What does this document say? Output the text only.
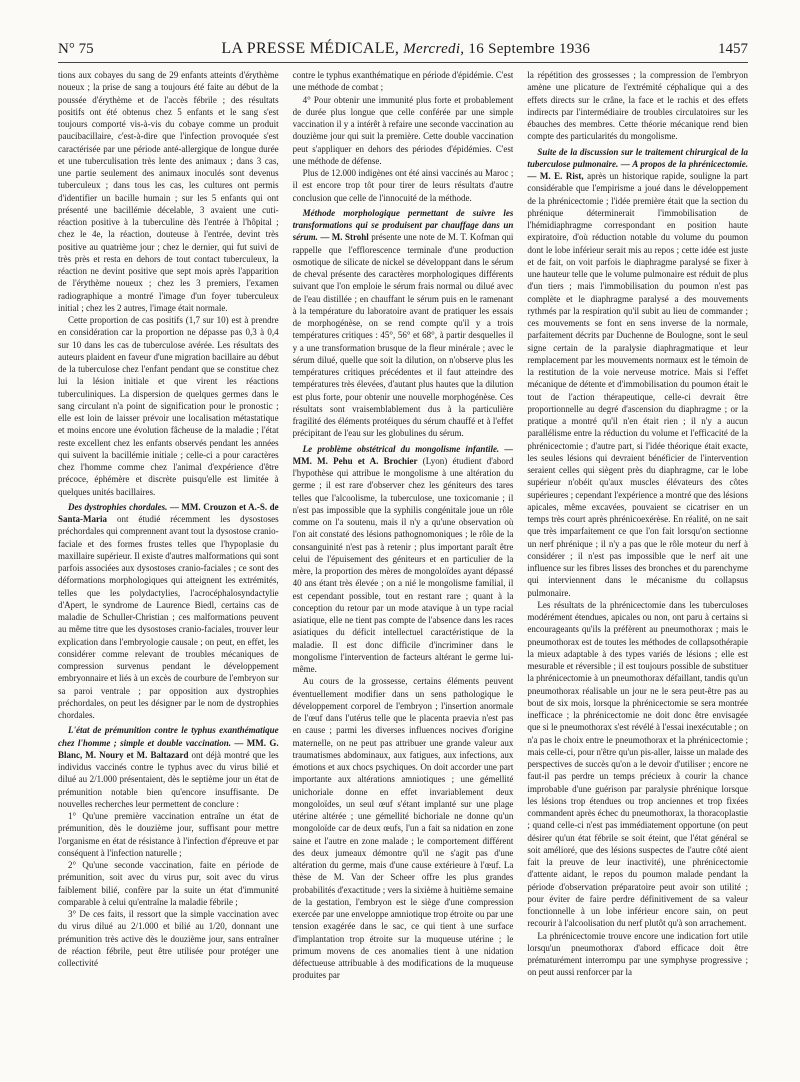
N° 75	LA PRESSE MÉDICALE, Mercredi, 16 Septembre 1936	1457

tions aux cobayes du sang de 29 enfants atteints d'érythème noueux ; la prise de sang a toujours été faite au début de la poussée d'érythème et de l'accès fébrile ; des résultats positifs ont été obtenus chez 5 enfants et le sang s'est toujours comporté vis-à-vis du cobaye comme un produit paucibacillaire, c'est-à-dire que l'infection provoquée s'est caractérisée par une période anté-allergique de longue durée et une tuberculisation très lente des animaux ; dans 3 cas, une partie seulement des animaux inoculés sont devenus tuberculeux ; dans tous les cas, les cultures ont permis d'identifier un bacille humain ; sur les 5 enfants qui ont présenté une bacillémie décelable, 3 avaient une cuti-réaction positive à la tuberculine dès l'entrée à l'hôpital ; chez le 4e, la réaction, douteuse à l'entrée, devint très positive au quatrième jour ; chez le dernier, qui fut suivi de très près et resta en dehors de tout contact tuberculeux, la réaction ne devint positive que sept mois après l'apparition de l'érythème noueux ; chez les 3 premiers, l'examen radiographique a montré l'image d'un foyer tuberculeux initial ; chez les 2 autres, l'image était normale.

Cette proportion de cas positifs (1,7 sur 10) est à prendre en considération car la proportion ne dépasse pas 0,3 à 0,4 sur 10 dans les cas de tuberculose avérée. Les résultats des auteurs plaident en faveur d'une migration bacillaire au début de la tuberculose chez l'enfant pendant que se constitue chez lui la lésion initiale et que virent les réactions tuberculiniques. La dispersion de quelques germes dans le sang circulant n'a point de signification pour le pronostic ; elle est loin de laisser prévoir une localisation métastatique et moins encore une évolution fâcheuse de la maladie ; l'état reste excellent chez les enfants observés pendant les années qui suivent la bacillémie initiale ; celle-ci a pour caractères chez l'homme comme chez l'animal d'expérience d'être précoce, éphémère et discrète puisqu'elle est limitée à quelques unités bacillaires.

Des dystrophies chordales. — MM. Crouzon et A.-S. de Santa-Maria ont étudié récemment les dysostoses préchordales qui comprennent avant tout la dysostose cranio-faciale et des formes frustes telles que l'hypoplasie du maxillaire supérieur. Il existe d'autres malformations qui sont parfois associées aux dysostoses cranio-faciales ; ce sont des déformations morphologiques qui atteignent les extrémités, telles que les polydactylies, l'acrocéphalosyndactylie d'Apert, le syndrome de Laurence Biedl, certains cas de maladie de Schuller-Christian ; ces malformations peuvent au même titre que les dysostoses cranio-faciales, trouver leur explication dans l'embryologie causale ; on peut, en effet, les considérer comme relevant de troubles mécaniques de compression survenus pendant le développement embryonnaire et liés à un excès de courbure de l'embryon sur sa paroi ventrale ; par opposition aux dystrophies préchordales, on peut les désigner par le nom de dystrophies chordales.

L'état de prémunition contre le typhus exanthématique chez l'homme ; simple et double vaccination. — MM. G. Blanc, M. Noury et M. Baltazard ont déjà montré que les individus vaccinés contre le typhus avec du virus bilié et dilué au 2/1.000 présentaient, dès le septième jour un état de prémunition notable bien qu'encore insuffisante. De nouvelles recherches leur permettent de conclure :

1° Qu'une première vaccination entraîne un état de prémunition, dès le douzième jour, suffisant pour mettre l'organisme en état de résistance à l'infection d'épreuve et par conséquent à l'infection naturelle ;

2° Qu'une seconde vaccination, faite en période de prémunition, soit avec du virus pur, soit avec du virus faiblement bilié, confère par la suite un état d'immunité comparable à celui qu'entraîne la maladie fébrile ;

3° De ces faits, il ressort que la simple vaccination avec du virus dilué au 2/1.000 et bilié au 1/20, donnant une prémunition très active dès le douzième jour, sans entraîner de réaction fébrile, peut être utilisée pour protéger une collectivité

contre le typhus exanthématique en période d'épidémie. C'est une méthode de combat ;

4° Pour obtenir une immunité plus forte et probablement de durée plus longue que celle conférée par une simple vaccination il y a intérêt à refaire une seconde vaccination au douzième jour qui suit la première. Cette double vaccination peut s'appliquer en dehors des périodes d'épidémies. C'est une méthode de défense.

Plus de 12.000 indigènes ont été ainsi vaccinés au Maroc ; il est encore trop tôt pour tirer de leurs résultats d'autre conclusion que celle de l'innocuité de la méthode.

Méthode morphologique permettant de suivre les transformations qui se produisent par chauffage dans un sérum. — M. Strohl présente une note de M. T. Kofman qui rappelle que l'efflorescence terminale d'une production osmotique de silicate de nickel se développant dans le sérum de cheval présente des caractères morphologiques différents suivant que l'on emploie le sérum frais normal ou dilué avec de l'eau distillée ; en chauffant le sérum puis en le ramenant à la température du laboratoire avant de pratiquer les essais de morphogénèse, on se rend compte qu'il y a trois températures critiques : 45°, 56° et 68°, à partir desquelles il y a une transformation brusque de la fleur minérale ; avec le sérum dilué, quelle que soit la dilution, on n'observe plus les températures critiques précédentes et il faut atteindre des températures très élevées, d'autant plus hautes que la dilution est plus forte, pour obtenir une nouvelle morphogénèse. Ces résultats sont vraisemblablement dus à la particulière fragilité des éléments protéiques du sérum chauffé et à l'effet précipitant de l'eau sur les globulines du sérum.

Le problème obstétrical du mongolisme infantile. — MM. M. Pehu et A. Brochier (Lyon) étudient d'abord l'hypothèse qui attribue le mongolisme à une altération du germe ; il est rare d'observer chez les géniteurs des tares telles que l'alcoolisme, la tuberculose, une toxicomanie ; il n'est pas impossible que la syphilis congénitale joue un rôle comme on l'a soutenu, mais il n'y a qu'une observation où l'on ait constaté des lésions pathognomoniques ; le rôle de la consanguinité n'est pas à retenir ; plus important paraît être celui de l'épuisement des géniteurs et en particulier de la mère, la proportion des mères de mongoloïdes ayant dépassé 40 ans étant très élevée ; on a nié le mongolisme familial, il est cependant possible, tout en restant rare ; quant à la conception du retour par un mode atavique à un type racial asiatique, elle ne tient pas compte de l'absence dans les races asiatiques du déficit intellectuel caractéristique de la maladie. Il est donc difficile d'incriminer dans le mongolisme l'intervention de facteurs altérant le germe lui-même.

Au cours de la grossesse, certains éléments peuvent éventuellement modifier dans un sens pathologique le développement corporel de l'embryon ; l'insertion anormale de l'œuf dans l'utérus telle que le placenta praevia n'est pas en cause ; parmi les diverses influences nocives d'origine maternelle, on ne peut pas attribuer une grande valeur aux traumatismes abdominaux, aux fatigues, aux infections, aux émotions et aux chocs psychiques. On doit accorder une part importante aux altérations amniotiques ; une gémellité unichoriale donne en effet invariablement deux mongoloïdes, un seul œuf s'étant implanté sur une plage utérine altérée ; une gémellité bichoriale ne donne qu'un mongoloïde car de deux œufs, l'un a fait sa nidation en zone saine et l'autre en zone malade ; le comportement différent des deux jumeaux démontre qu'il ne s'agit pas d'une altération du germe, mais d'une cause extérieure à l'œuf. La thèse de M. Van der Scheer offre les plus grandes probabilités d'exactitude ; vers la sixième à huitième semaine de la gestation, l'embryon est le siège d'une compression exercée par une enveloppe amniotique trop étroite ou par une tension exagérée dans le sac, ce qui tient à une surface d'implantation trop étroite sur la muqueuse utérine ; le primum movens de ces anomalies tient à une nidation défectueuse attribuable à des modifications de la muqueuse produites par

la répétition des grossesses ; la compression de l'embryon amène une plicature de l'extrémité céphalique qui a des effets directs sur le crâne, la face et le rachis et des effets indirects par l'intermédiaire de troubles circulatoires sur les ébauches des membres. Cette théorie mécanique rend bien compte des particularités du mongolisme.

Suite de la discussion sur le traitement chirurgical de la tuberculose pulmonaire. — A propos de la phrénicectomie. — M. E. Rist, après un historique rapide, souligne la part considérable que l'empirisme a joué dans le développement de la phrénicectomie ; l'idée première était que la section du phrénique déterminerait l'immobilisation de l'hémidiaphragme correspondant en position haute expiratoire, d'où réduction notable du volume du poumon dont le lobe inférieur serait mis au repos ; cette idée est juste et de fait, on voit parfois le diaphragme paralysé se fixer à une hauteur telle que le volume pulmonaire est réduit de plus d'un tiers ; mais l'immobilisation du poumon n'est pas complète et le diaphragme paralysé a des mouvements rythmés par la respiration qu'il subit au lieu de commander ; ces mouvements se font en sens inverse de la normale, parfaitement décrits par Duchenne de Boulogne, sont le seul signe certain de la paralysie diaphragmatique et leur remplacement par les mouvements normaux est le témoin de la restitution de la voie nerveuse motrice. Mais si l'effet mécanique de détente et d'immobilisation du poumon était le tout de l'action thérapeutique, celle-ci devrait être proportionnelle au degré d'ascension du diaphragme ; or la pratique a montré qu'il n'en était rien ; il n'y a aucun parallélisme entre la réduction du volume et l'efficacité de la phrénicectomie ; d'autre part, si l'idée théorique était exacte, les seules lésions qui devraient bénéficier de l'intervention seraient celles qui siègent près du diaphragme, car le lobe supérieur n'obéit qu'aux muscles élévateurs des côtes supérieures ; cependant l'expérience a montré que des lésions apicales, même excavées, pouvaient se cicatriser en un temps très court après phrénicoexérèse. En réalité, on ne sait que très imparfaitement ce que l'on fait lorsqu'on sectionne un nerf phrénique ; il n'y a pas que le rôle moteur du nerf à considérer ; il n'est pas impossible que le nerf ait une influence sur les fibres lisses des bronches et du parenchyme qui interviennent dans le mécanisme du collapsus pulmonaire.

Les résultats de la phrénicectomie dans les tuberculoses modérément étendues, apicales ou non, ont paru à certains si encourageants qu'ils la préfèrent au pneumothorax ; mais le pneumothorax est de toutes les méthodes de collapsothérapie la mieux adaptable à des types variés de lésions ; elle est mesurable et réversible ; il est toujours possible de substituer la phrénicectomie à un pneumothorax défaillant, tandis qu'un pneumothorax réalisable un jour ne le sera peut-être pas au bout de six mois, lorsque la phrénicectomie se sera montrée inefficace ; la phrénicectomie ne doit donc être envisagée que si le pneumothorax s'est révélé à l'essai inexécutable ; on n'a pas le choix entre le pneumothorax et la phrénicectomie ; mais celle-ci, pour n'être qu'un pis-aller, laisse un malade des perspectives de succès qu'on a le devoir d'utiliser ; encore ne faut-il pas perdre un temps précieux à courir la chance improbable d'une guérison par paralysie phrénique lorsque les lésions trop étendues ou trop anciennes et trop fixées commandent après échec du pneumothorax, la thoracoplastie ; quand celle-ci n'est pas immédiatement opportune (on peut désirer qu'un état fébrile se soit éteint, que l'état général se soit amélioré, que des lésions suspectes de l'autre côté aient fait la preuve de leur inactivité), une phrénicectomie d'attente aidant, le repos du poumon malade pendant la période d'observation préparatoire peut avoir son utilité ; pour éviter de faire perdre définitivement de sa valeur fonctionnelle à un lobe inférieur encore sain, on peut recourir à l'alcoolisation du nerf plutôt qu'à son arrachement.

La phrénicectomie trouve encore une indication fort utile lorsqu'un pneumothorax d'abord efficace doit être prématurément interrompu par une symphyse progressive ; on peut aussi renforcer par la
